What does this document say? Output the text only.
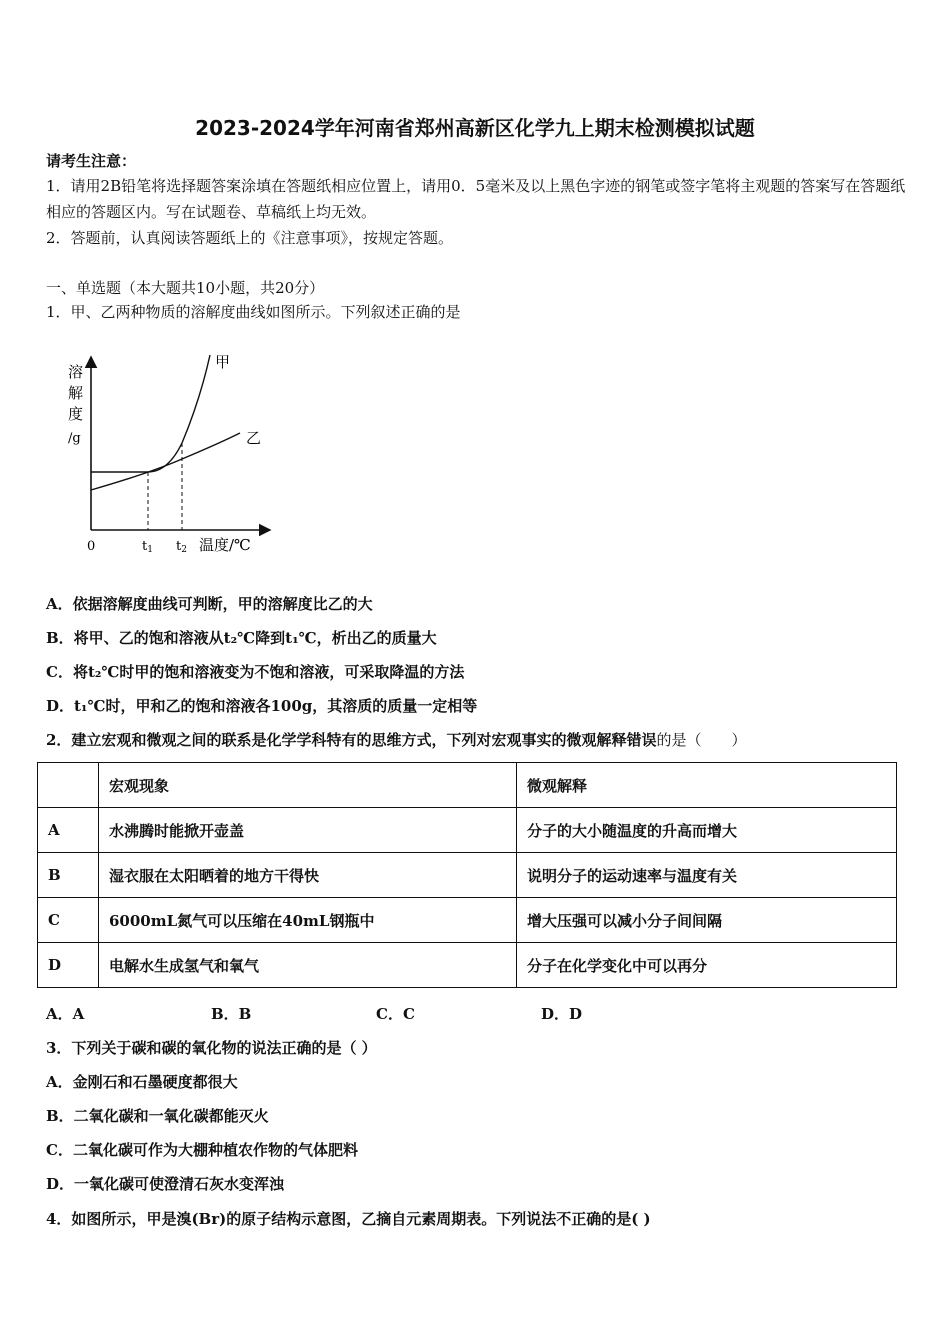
2023-2024学年河南省郑州高新区化学九上期末检测模拟试题
请考生注意：
1．请用2B铅笔将选择题答案涂填在答题纸相应位置上，请用0．5毫米及以上黑色字迹的钢笔或签字笔将主观题的答案写在答题纸相应的答题区内。写在试题卷、草稿纸上均无效。
2．答题前，认真阅读答题纸上的《注意事项》，按规定答题。
一、单选题（本大题共10小题，共20分）
1．甲、乙两种物质的溶解度曲线如图所示。下列叙述正确的是
溶
解
度
/g
甲
乙
0	t1 t2 温度/℃
A．依据溶解度曲线可判断，甲的溶解度比乙的大
B．将甲、乙的饱和溶液从t₂℃降到t₁℃，析出乙的质量大
C．将t₂℃时甲的饱和溶液变为不饱和溶液，可采取降温的方法
D．t₁℃时，甲和乙的饱和溶液各100g，其溶质的质量一定相等
2．建立宏观和微观之间的联系是化学学科特有的思维方式，下列对宏观事实的微观解释错误的是（　　）
	宏观现象	微观解释
A	水沸腾时能掀开壶盖	分子的大小随温度的升高而增大
B	湿衣服在太阳晒着的地方干得快	说明分子的运动速率与温度有关
C	6000mL氮气可以压缩在40mL钢瓶中	增大压强可以减小分子间间隔
D	电解水生成氢气和氧气	分子在化学变化中可以再分
A．A	B．B	C．C	D．D
3．下列关于碳和碳的氧化物的说法正确的是（ ）
A．金刚石和石墨硬度都很大
B．二氧化碳和一氧化碳都能灭火
C．二氧化碳可作为大棚种植农作物的气体肥料
D．一氧化碳可使澄清石灰水变浑浊
4．如图所示，甲是溴(Br)的原子结构示意图，乙摘自元素周期表。下列说法不正确的是( )
